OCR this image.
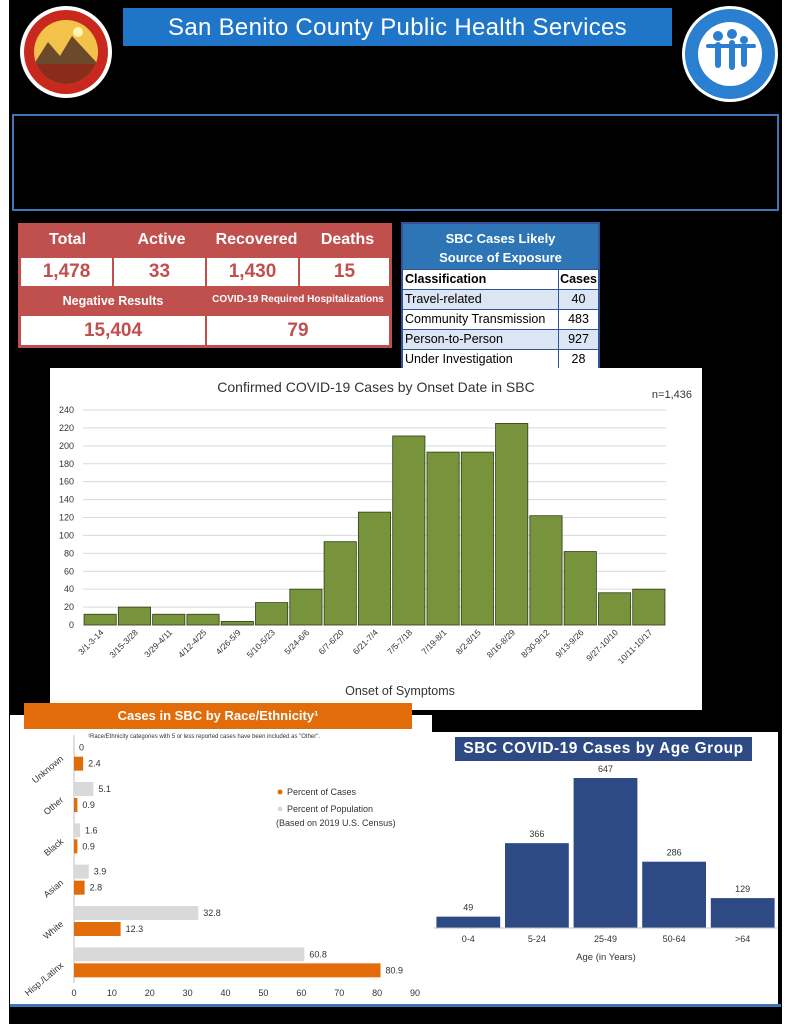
San Benito County Public Health Services
Total	Active	Recovered	Deaths
1,478	33	1,430	15
Negative Results	COVID-19 Required Hospitalizations
15,404	79
SBC Cases Likely
Source of Exposure
Classification	Cases
Travel-related	40
Community Transmission	483
Person-to-Person	927
Under Investigation	28
Confirmed COVID-19 Cases by Onset Date in SBC	n=1,436
Onset of Symptoms
0
20
40
60
80
100
120
140
160
180
200
220
240
3/1-3-14 3/15-3/28 3/29-4/11 4/12-4/25 4/26-5/9 5/10-5/23 5/24-6/6 6/7-6/20 6/21-7/4 7/5-7/18 7/19-8/1 8/2-8/15 8/16-8/29 8/30-9/12 9/13-9/26
9/27-10/10
10/11-10/17
¹Race/Ethnicity categories with 5 or less reported cases have been included as "Other".
0	10	20	30	40	50	60	70	80	90
0
2.4
Unknown
5.1
0.9
Other
1.6
0.9
Black
3.9
2.8
Asian
32.8
12.3
White
60.8
80.9
Hisp./Latinx
Percent of Cases
Percent of Population
(Based on 2019 U.S. Census)
Cases in SBC by Race/Ethnicity¹
49
0-4
366
5-24
647
25-49
286
50-64
129
>64
Age (in Years)
SBC COVID-19 Cases by Age Group
